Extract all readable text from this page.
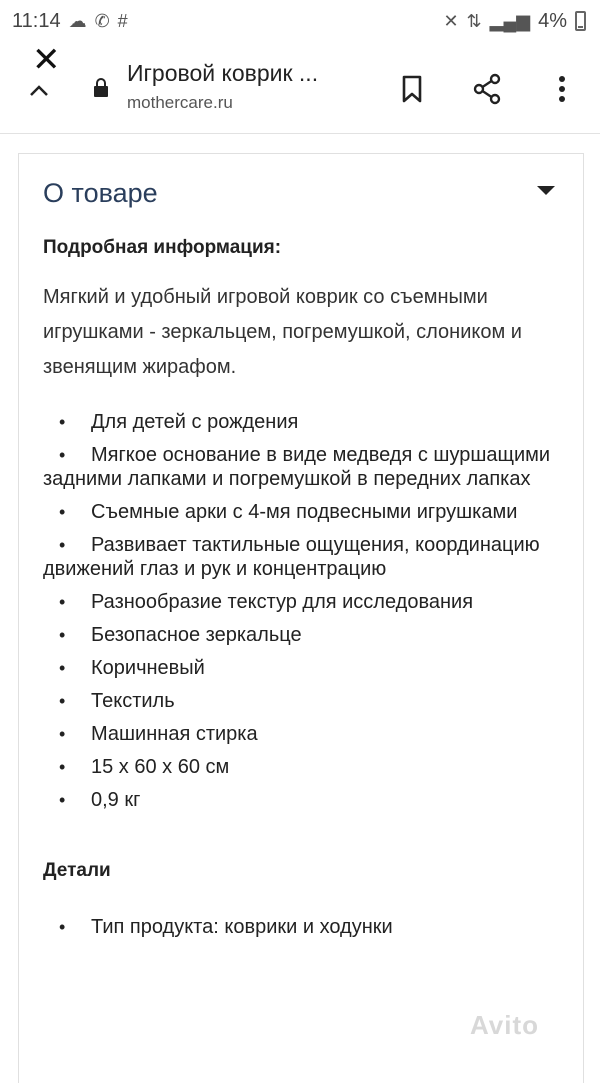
11:14 ☁ ✆ #	✕ ⇅ ▂▄▆ 4%
✕	Игровой коврик ...
mothercare.ru
О товаре
Подробная информация:
Мягкий и удобный игровой коврик со съемными игрушками - зеркальцем, погремушкой, слоником и звенящим жирафом.
• Для детей с рождения
• Мягкое основание в виде медведя с шуршащими задними лапками и погремушкой в передних лапках
• Съемные арки с 4-мя подвесными игрушками
• Развивает тактильные ощущения, координацию движений глаз и рук и концентрацию
• Разнообразие текстур для исследования
• Безопасное зеркальце
• Коричневый
• Текстиль
• Машинная стирка
• 15 х 60 х 60 см
• 0,9 кг
Детали
• Тип продукта: коврики и ходунки
Avito
